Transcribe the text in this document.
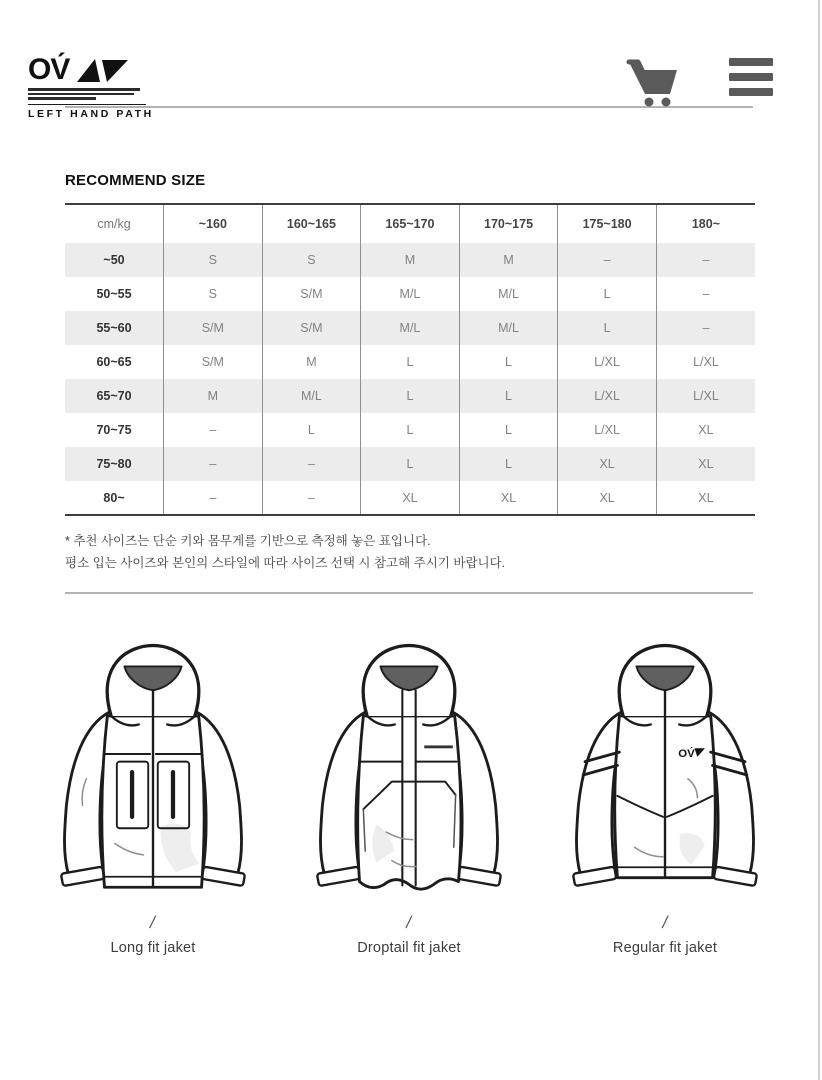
OV́
LEFT HAND PATH
RECOMMEND SIZE
cm/kg	~160	160~165	165~170	170~175	175~180	180~
~50	S	S	M	M	–	–
50~55	S	S/M	M/L	M/L	L	–
55~60	S/M	S/M	M/L	M/L	L	–
60~65	S/M	M	L	L	L/XL	L/XL
65~70	M	M/L	L	L	L/XL	L/XL
70~75	–	L	L	L	L/XL	XL
75~80	–	–	L	L	XL	XL
80~	–	–	XL	XL	XL	XL
* 추천 사이즈는 단순 키와 몸무게를 기반으로 측정해 놓은 표입니다.
평소 입는 사이즈와 본인의 스타일에 따라 사이즈 선택 시 참고해 주시기 바랍니다.
/
Long fit jaket
/
Droptail fit jaket
OV́
/
Regular fit jaket
